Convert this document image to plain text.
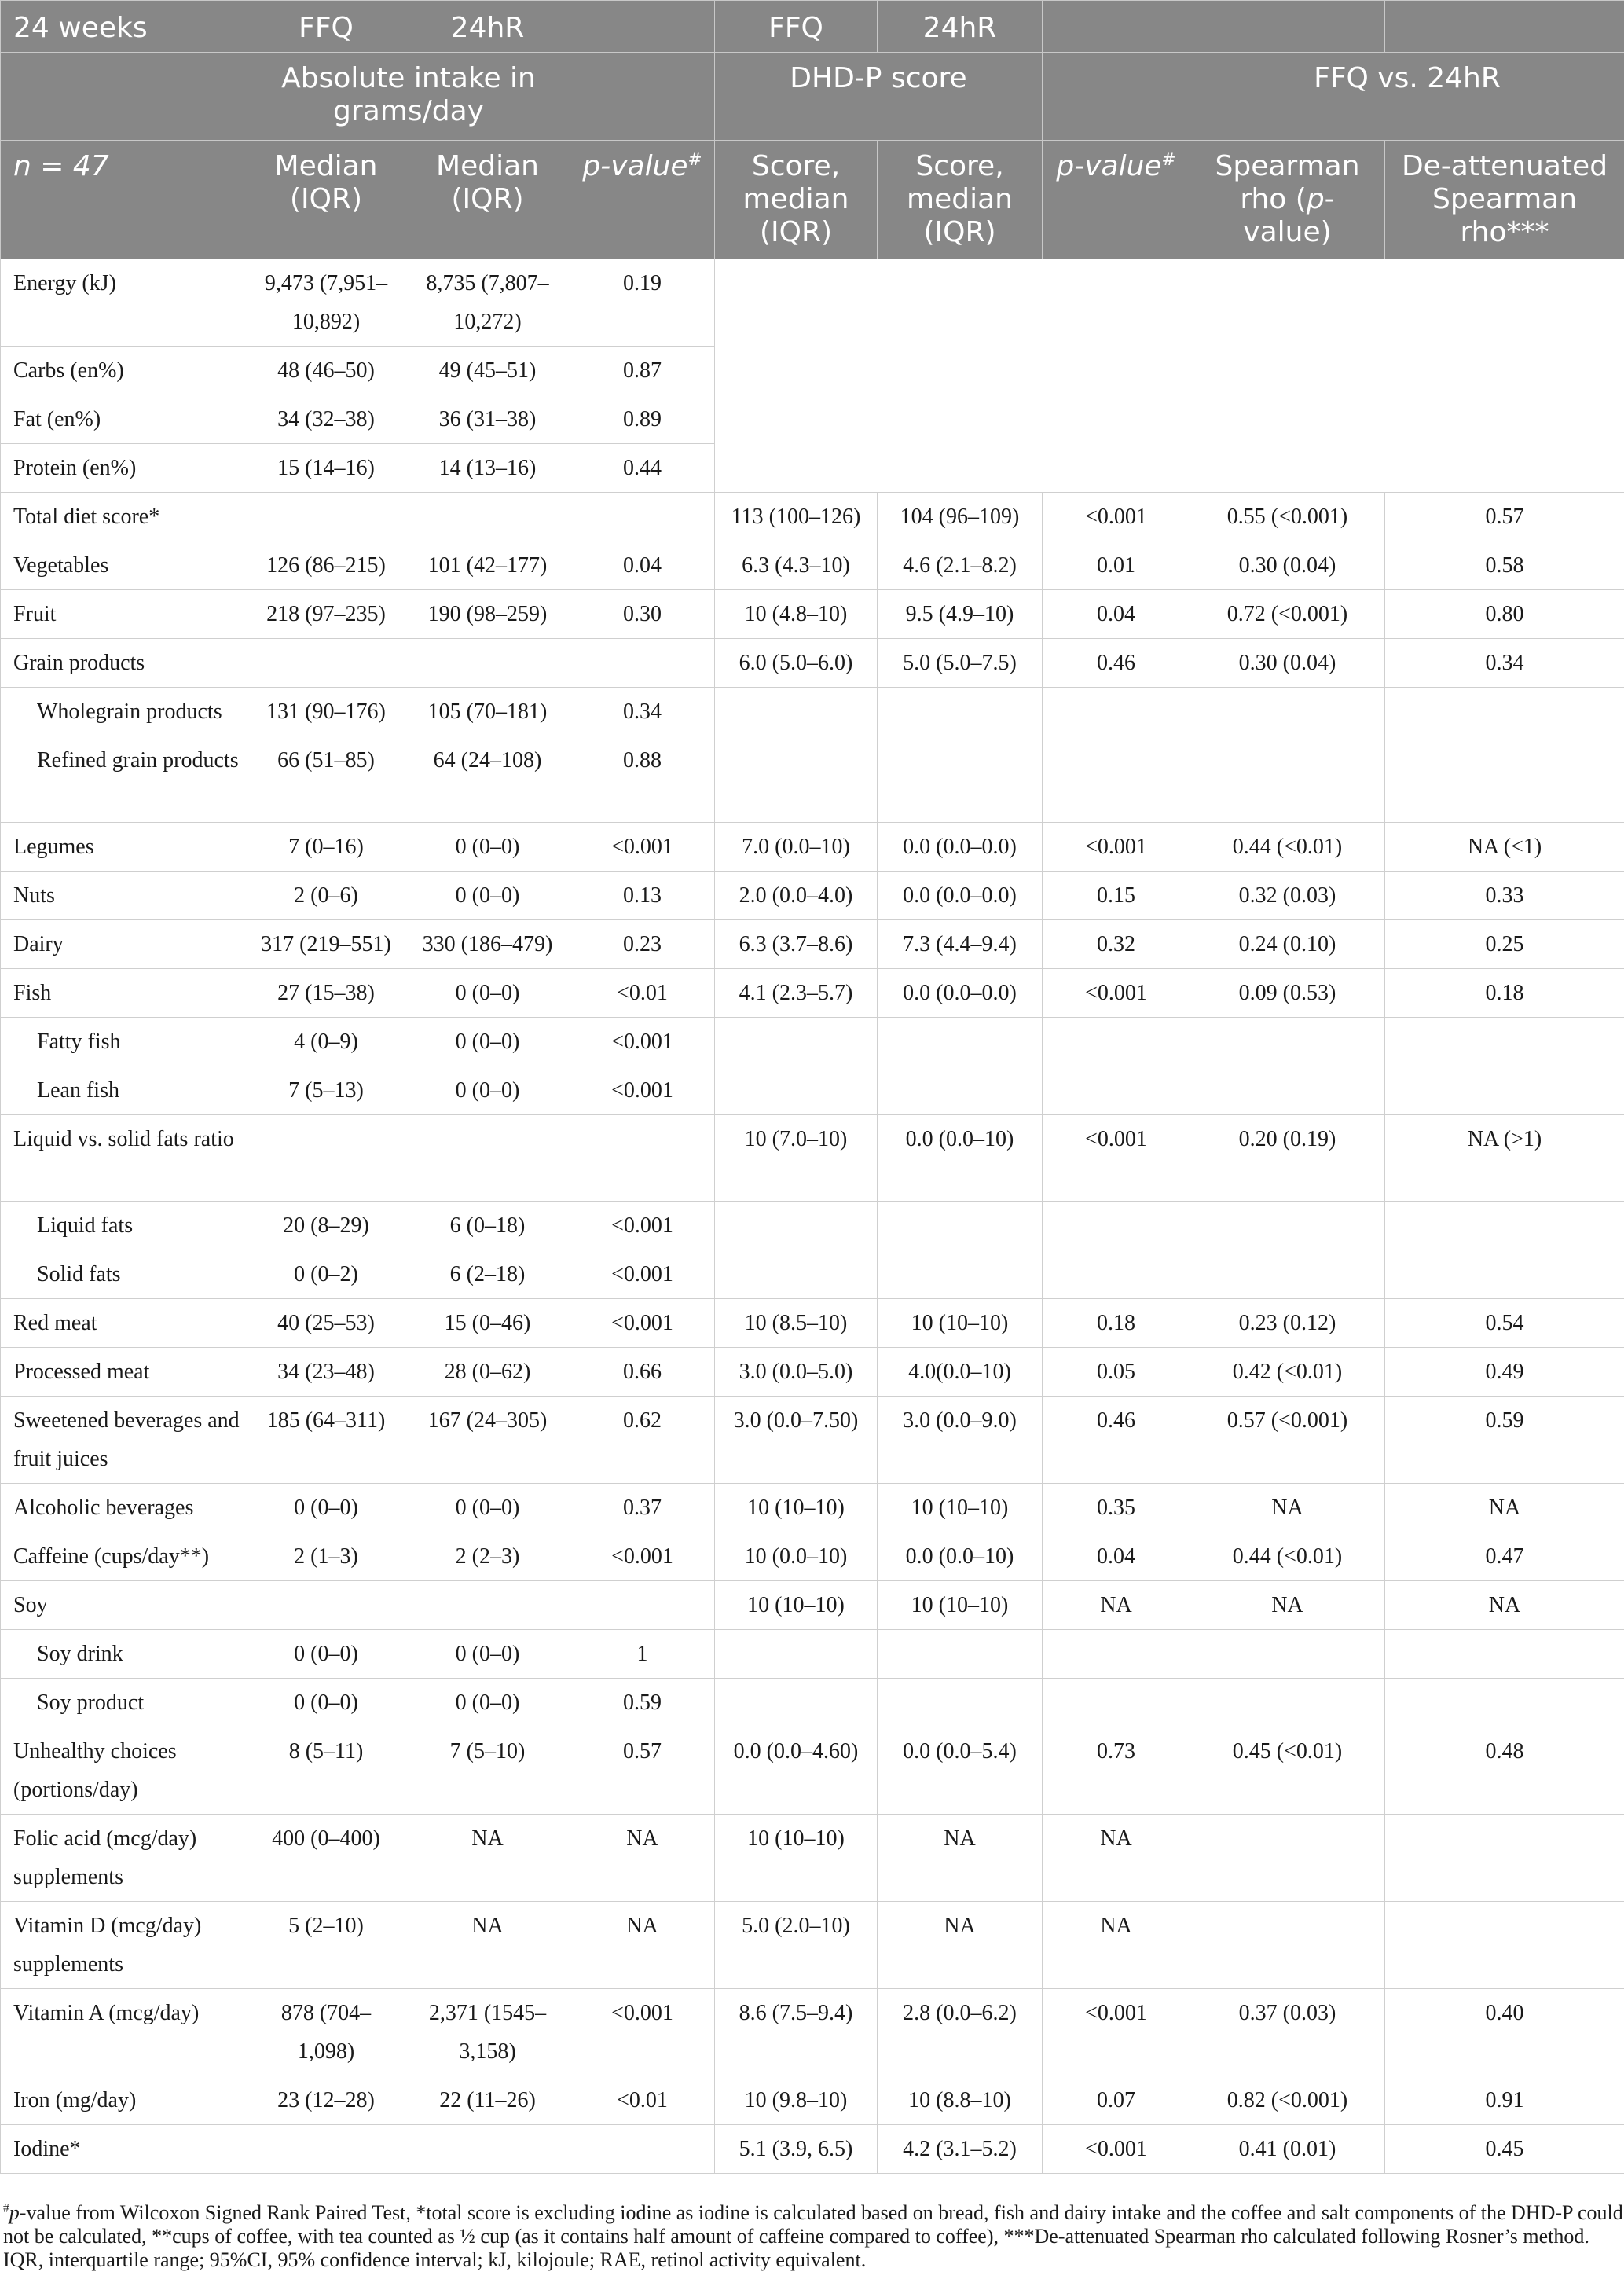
24 weeks	FFQ	24hR		FFQ	24hR			
	Absolute intake in grams/day			DHD-P score			FFQ vs. 24hR	
n = 47	Median (IQR)	Median (IQR)	p-value#	Score, median (IQR)	Score, median (IQR)	p-value#	Spearman rho (p-value)	De-attenuated Spearman rho***
Energy (kJ)	9,473 (7,951–10,892)	8,735 (7,807–10,272)	0.19					
Carbs (en%)	48 (46–50)	49 (45–51)	0.87					
Fat (en%)	34 (32–38)	36 (31–38)	0.89					
Protein (en%)	15 (14–16)	14 (13–16)	0.44					
Total diet score*				113 (100–126)	104 (96–109)	<0.001	0.55 (<0.001)	0.57
Vegetables	126 (86–215)	101 (42–177)	0.04	6.3 (4.3–10)	4.6 (2.1–8.2)	0.01	0.30 (0.04)	0.58
Fruit	218 (97–235)	190 (98–259)	0.30	10 (4.8–10)	9.5 (4.9–10)	0.04	0.72 (<0.001)	0.80
Grain products				6.0 (5.0–6.0)	5.0 (5.0–7.5)	0.46	0.30 (0.04)	0.34
Wholegrain products	131 (90–176)	105 (70–181)	0.34					
Refined grain products	66 (51–85)	64 (24–108)	0.88					
Legumes	7 (0–16)	0 (0–0)	<0.001	7.0 (0.0–10)	0.0 (0.0–0.0)	<0.001	0.44 (<0.01)	NA (<1)
Nuts	2 (0–6)	0 (0–0)	0.13	2.0 (0.0–4.0)	0.0 (0.0–0.0)	0.15	0.32 (0.03)	0.33
Dairy	317 (219–551)	330 (186–479)	0.23	6.3 (3.7–8.6)	7.3 (4.4–9.4)	0.32	0.24 (0.10)	0.25
Fish	27 (15–38)	0 (0–0)	<0.01	4.1 (2.3–5.7)	0.0 (0.0–0.0)	<0.001	0.09 (0.53)	0.18
Fatty fish	4 (0–9)	0 (0–0)	<0.001					
Lean fish	7 (5–13)	0 (0–0)	<0.001					
Liquid vs. solid fats ratio				10 (7.0–10)	0.0 (0.0–10)	<0.001	0.20 (0.19)	NA (>1)
Liquid fats	20 (8–29)	6 (0–18)	<0.001					
Solid fats	0 (0–2)	6 (2–18)	<0.001					
Red meat	40 (25–53)	15 (0–46)	<0.001	10 (8.5–10)	10 (10–10)	0.18	0.23 (0.12)	0.54
Processed meat	34 (23–48)	28 (0–62)	0.66	3.0 (0.0–5.0)	4.0(0.0–10)	0.05	0.42 (<0.01)	0.49
Sweetened beverages and fruit juices	185 (64–311)	167 (24–305)	0.62	3.0 (0.0–7.50)	3.0 (0.0–9.0)	0.46	0.57 (<0.001)	0.59
Alcoholic beverages	0 (0–0)	0 (0–0)	0.37	10 (10–10)	10 (10–10)	0.35	NA	NA
Caffeine (cups/day**)	2 (1–3)	2 (2–3)	<0.001	10 (0.0–10)	0.0 (0.0–10)	0.04	0.44 (<0.01)	0.47
Soy				10 (10–10)	10 (10–10)	NA	NA	NA
Soy drink	0 (0–0)	0 (0–0)	1					
Soy product	0 (0–0)	0 (0–0)	0.59					
Unhealthy choices (portions/day)	8 (5–11)	7 (5–10)	0.57	0.0 (0.0–4.60)	0.0 (0.0–5.4)	0.73	0.45 (<0.01)	0.48
Folic acid (mcg/day) supplements	400 (0–400)	NA	NA	10 (10–10)	NA	NA		
Vitamin D (mcg/day) supplements	5 (2–10)	NA	NA	5.0 (2.0–10)	NA	NA		
Vitamin A (mcg/day)	878 (704–1,098)	2,371 (1545–3,158)	<0.001	8.6 (7.5–9.4)	2.8 (0.0–6.2)	<0.001	0.37 (0.03)	0.40
Iron (mg/day)	23 (12–28)	22 (11–26)	<0.01	10 (9.8–10)	10 (8.8–10)	0.07	0.82 (<0.001)	0.91
Iodine*				5.1 (3.9, 6.5)	4.2 (3.1–5.2)	<0.001	0.41 (0.01)	0.45
#p-value from Wilcoxon Signed Rank Paired Test, *total score is excluding iodine as iodine is calculated based on bread, fish and dairy intake and the coffee and salt components of the DHD-P could not be calculated, **cups of coffee, with tea counted as ½ cup (as it contains half amount of caffeine compared to coffee), ***De-attenuated Spearman rho calculated following Rosner’s method. IQR, interquartile range; 95%CI, 95% confidence interval; kJ, kilojoule; RAE, retinol activity equivalent.
